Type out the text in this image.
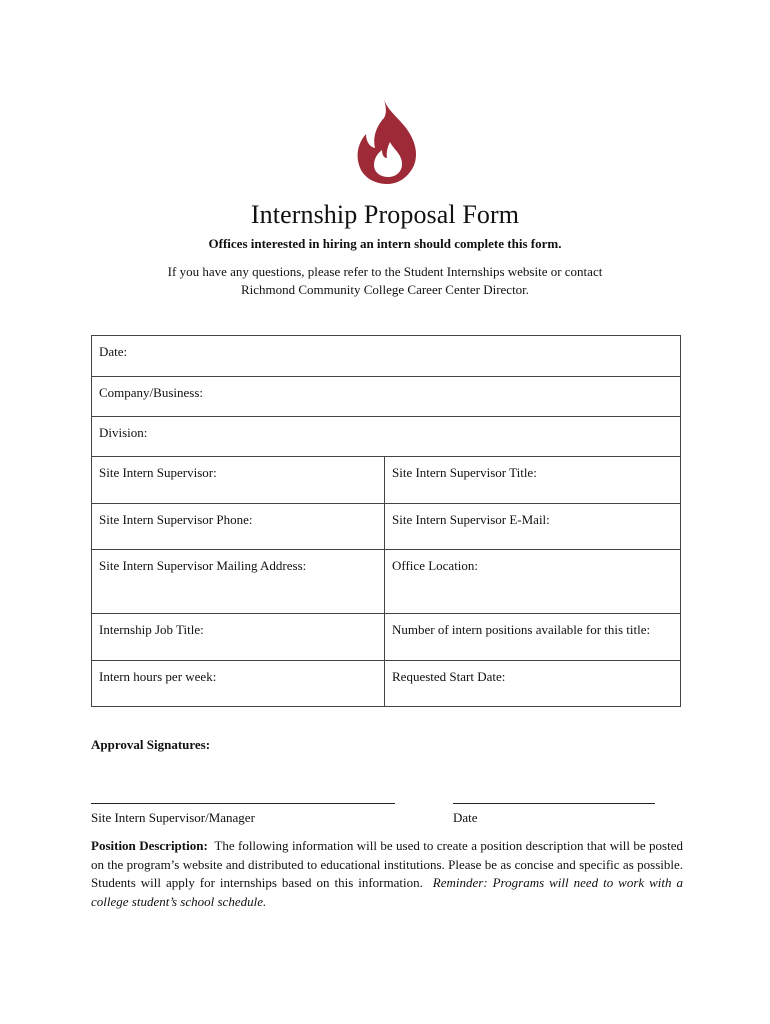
Internship Proposal Form
Offices interested in hiring an intern should complete this form.
If you have any questions, please refer to the Student Internships website or contact
Richmond Community College Career Center Director.
Date:	
Company/Business:	
Division:	
Site Intern Supervisor:	Site Intern Supervisor Title:
Site Intern Supervisor Phone:	Site Intern Supervisor E-Mail:
Site Intern Supervisor Mailing Address:	Office Location:
Internship Job Title:	Number of intern positions available for this title:
Intern hours per week:	Requested Start Date:
Approval Signatures:
Site Intern Supervisor/Manager	Date
Position Description: The following information will be used to create a position description that will be posted on the program’s website and distributed to educational institutions. Please be as concise and specific as possible. Students will apply for internships based on this information. Reminder: Programs will need to work with a college student’s school schedule.
